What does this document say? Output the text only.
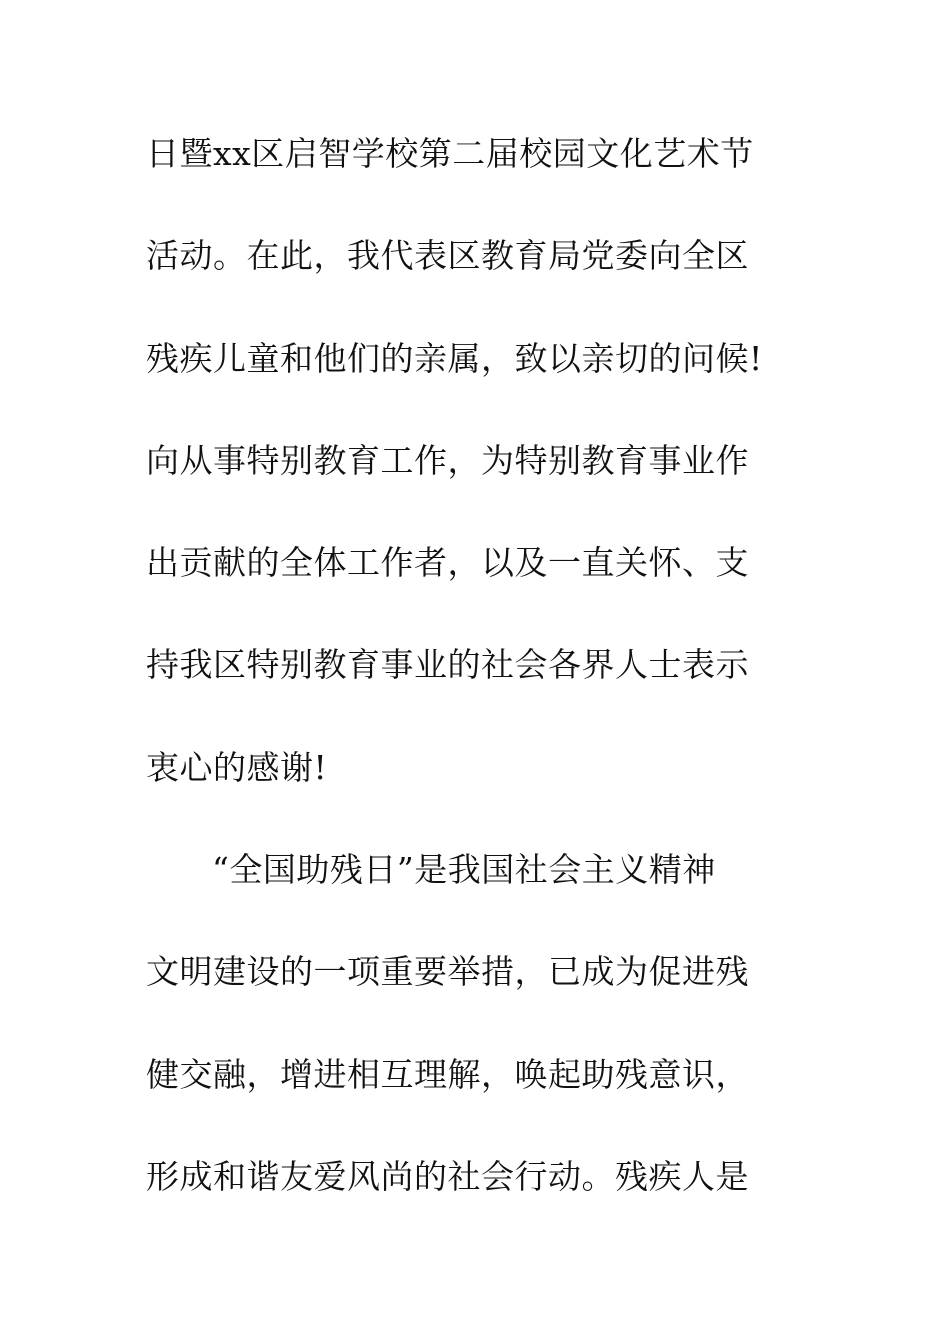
日暨xx区启智学校第二届校园文化艺术节
活动。在此，我代表区教育局党委向全区
残疾儿童和他们的亲属，致以亲切的问候!
向从事特别教育工作，为特别教育事业作
出贡献的全体工作者，以及一直关怀、支
持我区特别教育事业的社会各界人士表示
衷心的感谢!
“全国助残日”是我国社会主义精神
文明建设的一项重要举措，已成为促进残
健交融，增进相互理解，唤起助残意识，
形成和谐友爱风尚的社会行动。残疾人是
